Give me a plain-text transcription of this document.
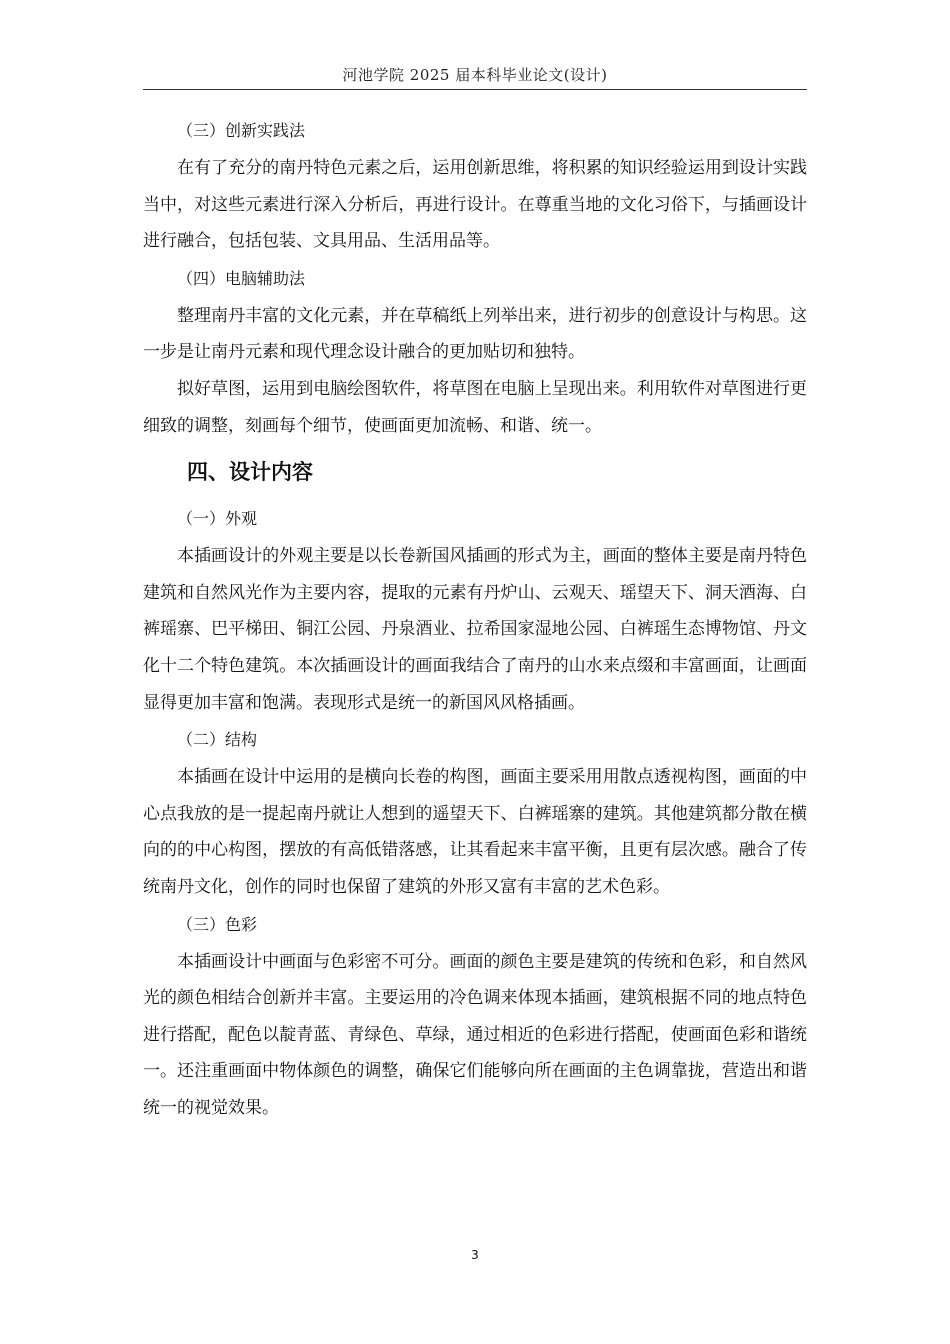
河池学院 2025 届本科毕业论文(设计)
（三）创新实践法

在有了充分的南丹特色元素之后，运用创新思维，将积累的知识经验运用到设计实践当中，对这些元素进行深入分析后，再进行设计。在尊重当地的文化习俗下，与插画设计进行融合，包括包装、文具用品、生活用品等。

（四）电脑辅助法

整理南丹丰富的文化元素，并在草稿纸上列举出来，进行初步的创意设计与构思。这一步是让南丹元素和现代理念设计融合的更加贴切和独特。

拟好草图，运用到电脑绘图软件，将草图在电脑上呈现出来。利用软件对草图进行更细致的调整，刻画每个细节，使画面更加流畅、和谐、统一。

四、设计内容
（一）外观

本插画设计的外观主要是以长卷新国风插画的形式为主，画面的整体主要是南丹特色建筑和自然风光作为主要内容，提取的元素有丹炉山、云观天、瑶望天下、洞天酒海、白裤瑶寨、巴平梯田、铜江公园、丹泉酒业、拉希国家湿地公园、白裤瑶生态博物馆、丹文化十二个特色建筑。本次插画设计的画面我结合了南丹的山水来点缀和丰富画面，让画面显得更加丰富和饱满。表现形式是统一的新国风风格插画。

（二）结构

本插画在设计中运用的是横向长卷的构图，画面主要采用用散点透视构图，画面的中心点我放的是一提起南丹就让人想到的遥望天下、白裤瑶寨的建筑。其他建筑都分散在横向的的中心构图，摆放的有高低错落感，让其看起来丰富平衡，且更有层次感。融合了传统南丹文化，创作的同时也保留了建筑的外形又富有丰富的艺术色彩。

（三）色彩

本插画设计中画面与色彩密不可分。画面的颜色主要是建筑的传统和色彩，和自然风光的颜色相结合创新并丰富。主要运用的冷色调来体现本插画，建筑根据不同的地点特色进行搭配，配色以靛青蓝、青绿色、草绿，通过相近的色彩进行搭配，使画面色彩和谐统一。还注重画面中物体颜色的调整，确保它们能够向所在画面的主色调靠拢，营造出和谐统一的视觉效果。

3
